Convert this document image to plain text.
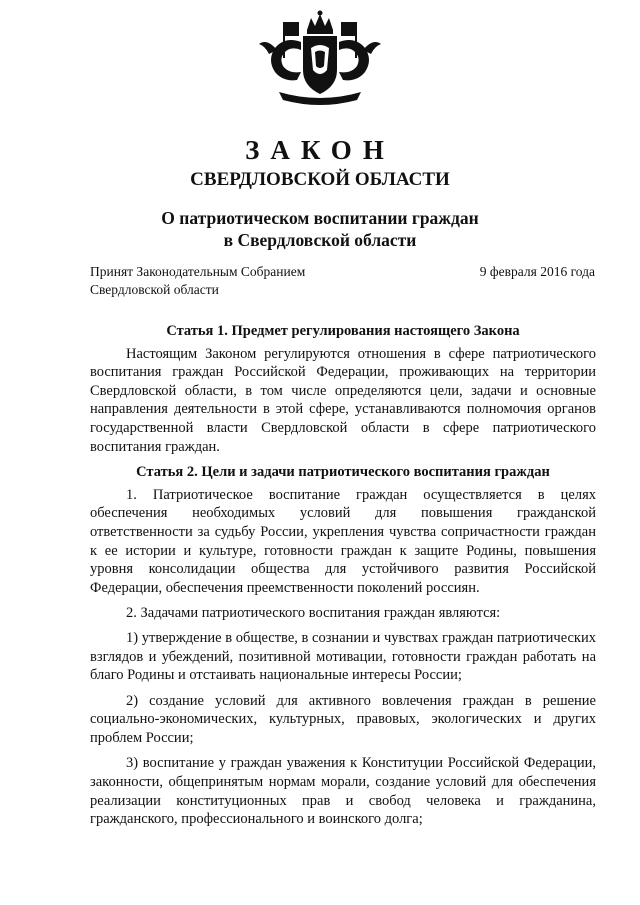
ЗАКОН
СВЕРДЛОВСКОЙ ОБЛАСТИ
О патриотическом воспитании граждан
в Свердловской области
Принят Законодательным Собранием
Свердловской области
9 февраля 2016 года
Статья 1. Предмет регулирования настоящего Закона

Настоящим Законом регулируются отношения в сфере патриотического воспитания граждан Российской Федерации, проживающих на территории Свердловской области, в том числе определяются цели, задачи и основные направления деятельности в этой сфере, устанавливаются полномочия органов государственной власти Свердловской области в сфере патриотического воспитания граждан.

Статья 2. Цели и задачи патриотического воспитания граждан

1. Патриотическое воспитание граждан осуществляется в целях обеспечения необходимых условий для повышения гражданской ответственности за судьбу России, укрепления чувства сопричастности граждан к ее истории и культуре, готовности граждан к защите Родины, повышения уровня консолидации общества для устойчивого развития Российской Федерации, обеспечения преемственности поколений россиян.

2. Задачами патриотического воспитания граждан являются:

1) утверждение в обществе, в сознании и чувствах граждан патриотических взглядов и убеждений, позитивной мотивации, готовности граждан работать на благо Родины и отстаивать национальные интересы России;

2) создание условий для активного вовлечения граждан в решение социально-экономических, культурных, правовых, экологических и других проблем России;

3) воспитание у граждан уважения к Конституции Российской Федерации, законности, общепринятым нормам морали, создание условий для обеспечения реализации конституционных прав и свобод человека и гражданина, гражданского, профессионального и воинского долга;
